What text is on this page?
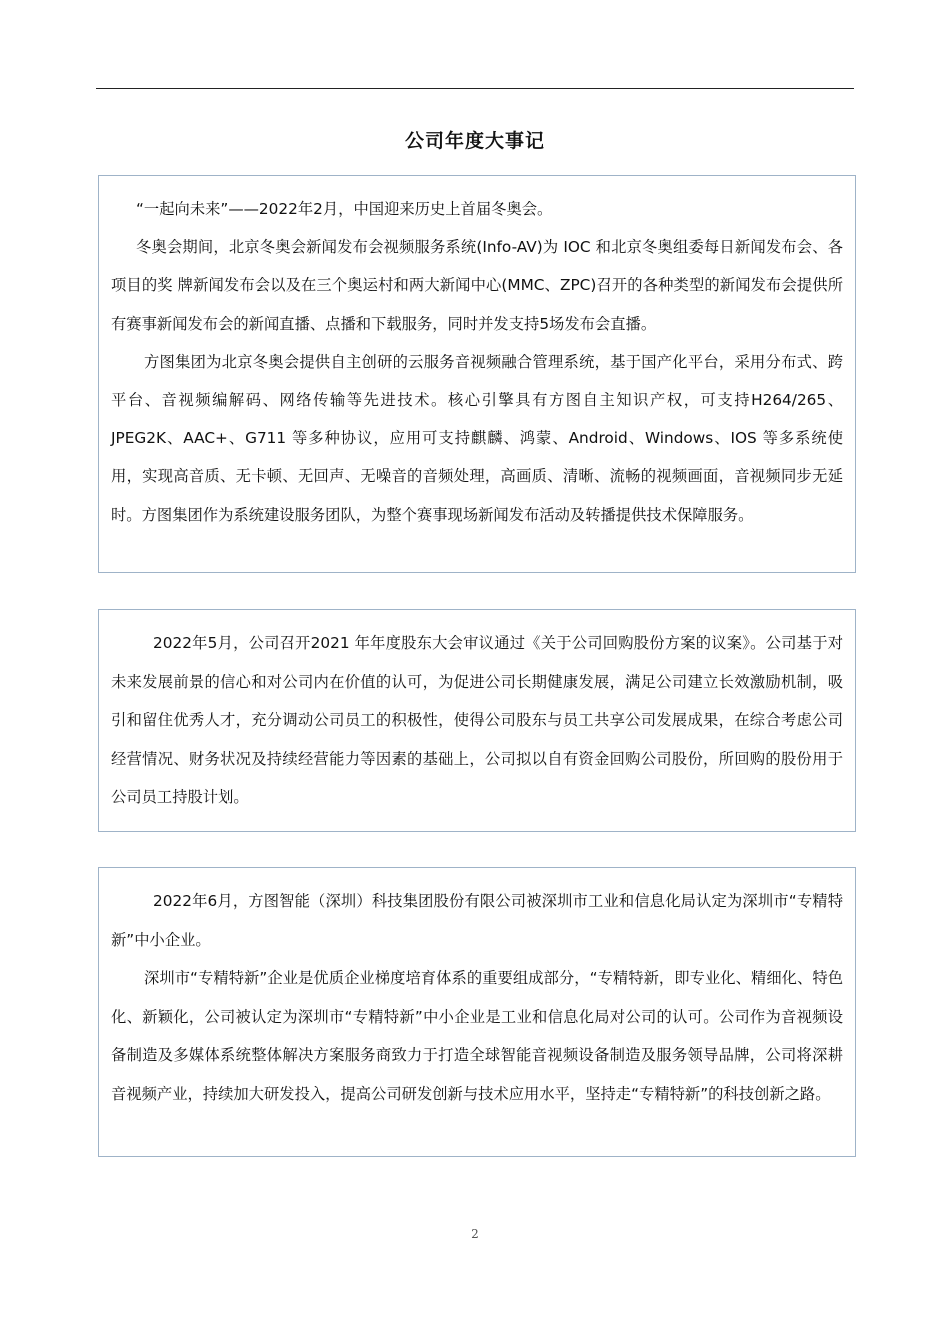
公司年度大事记

“一起向未来”——2022年2月，中国迎来历史上首届冬奥会。

冬奥会期间，北京冬奥会新闻发布会视频服务系统(Info-AV)为 IOC 和北京冬奥组委每日新闻发布会、各项目的奖 牌新闻发布会以及在三个奥运村和两大新闻中心(MMC、ZPC)召开的各种类型的新闻发布会提供所有赛事新闻发布会的新闻直播、点播和下载服务，同时并发支持5场发布会直播。

方图集团为北京冬奥会提供自主创研的云服务音视频融合管理系统，基于国产化平台，采用分布式、跨平台、音视频编解码、网络传输等先进技术。核心引擎具有方图自主知识产权，可支持H264/265、JPEG2K、AAC+、G711 等多种协议，应用可支持麒麟、鸿蒙、Android、Windows、IOS 等多系统使用，实现高音质、无卡顿、无回声、无噪音的音频处理，高画质、清晰、流畅的视频画面，音视频同步无延时。方图集团作为系统建设服务团队，为整个赛事现场新闻发布活动及转播提供技术保障服务。

2022年5月，公司召开2021 年年度股东大会审议通过《关于公司回购股份方案的议案》。公司基于对未来发展前景的信心和对公司内在价值的认可，为促进公司长期健康发展，满足公司建立长效激励机制，吸引和留住优秀人才，充分调动公司员工的积极性，使得公司股东与员工共享公司发展成果，在综合考虑公司经营情况、财务状况及持续经营能力等因素的基础上，公司拟以自有资金回购公司股份，所回购的股份用于公司员工持股计划。

2022年6月，方图智能（深圳）科技集团股份有限公司被深圳市工业和信息化局认定为深圳市“专精特新”中小企业。

深圳市“专精特新”企业是优质企业梯度培育体系的重要组成部分，“专精特新，即专业化、精细化、特色化、新颖化，公司被认定为深圳市“专精特新”中小企业是工业和信息化局对公司的认可。公司作为音视频设备制造及多媒体系统整体解决方案服务商致力于打造全球智能音视频设备制造及服务领导品牌，公司将深耕音视频产业，持续加大研发投入，提高公司研发创新与技术应用水平，坚持走“专精特新”的科技创新之路。

2
